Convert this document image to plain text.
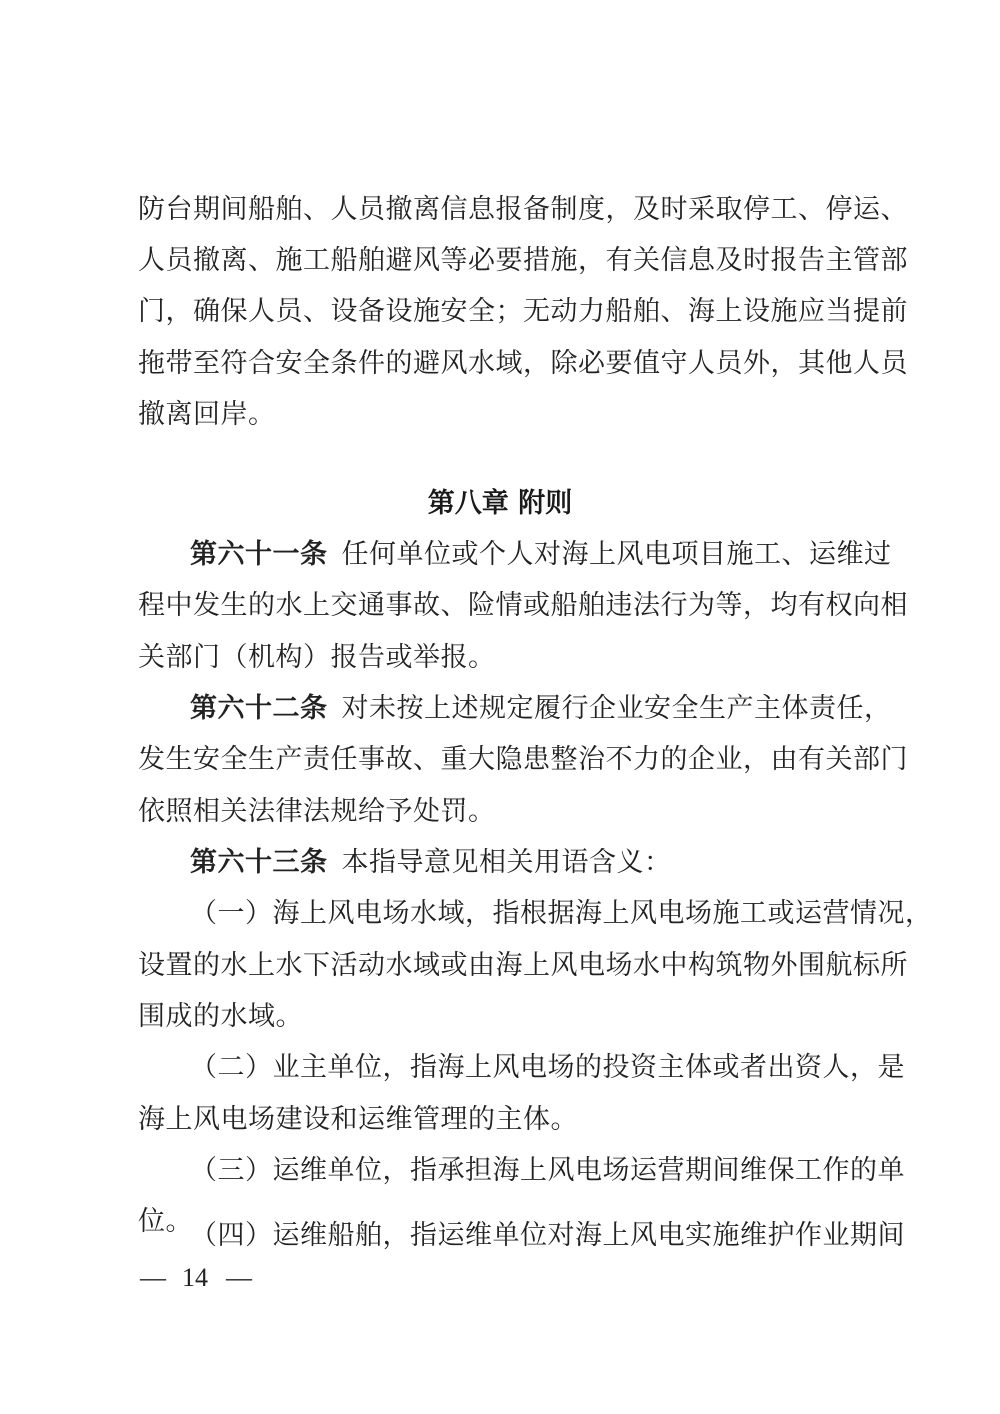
防台期间船舶、人员撤离信息报备制度，及时采取停工、停运、
人员撤离、施工船舶避风等必要措施，有关信息及时报告主管部
门，确保人员、设备设施安全；无动力船舶、海上设施应当提前
拖带至符合安全条件的避风水域，除必要值守人员外，其他人员
撤离回岸。
第八章 附则
第六十一条 任何单位或个人对海上风电项目施工、运维过
程中发生的水上交通事故、险情或船舶违法行为等，均有权向相
关部门（机构）报告或举报。
第六十二条 对未按上述规定履行企业安全生产主体责任，
发生安全生产责任事故、重大隐患整治不力的企业，由有关部门
依照相关法律法规给予处罚。
第六十三条 本指导意见相关用语含义：
（一）海上风电场水域，指根据海上风电场施工或运营情况，
设置的水上水下活动水域或由海上风电场水中构筑物外围航标所
围成的水域。
（二）业主单位，指海上风电场的投资主体或者出资人，是
海上风电场建设和运维管理的主体。
（三）运维单位，指承担海上风电场运营期间维保工作的单
位。
（四）运维船舶，指运维单位对海上风电实施维护作业期间
— 14 —
